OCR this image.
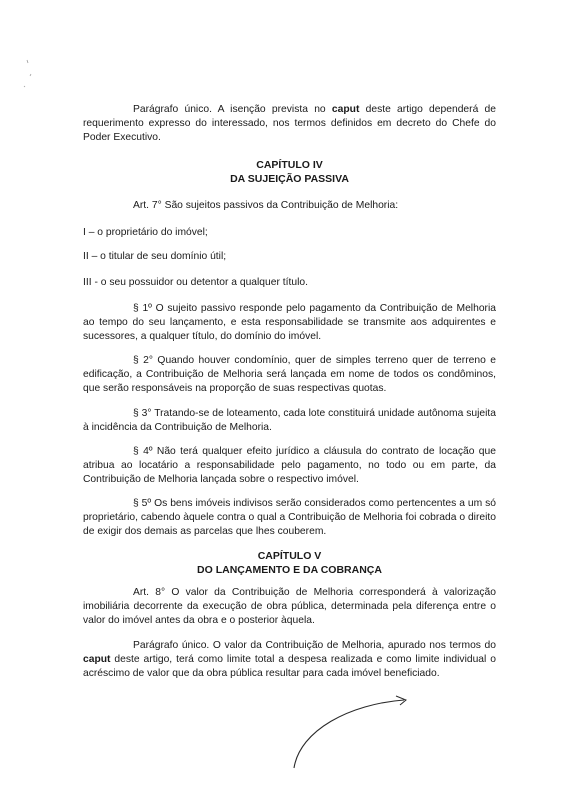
Parágrafo único. A isenção prevista no caput deste artigo dependerá de requerimento expresso do interessado, nos termos definidos em decreto do Chefe do Poder Executivo.

CAPÍTULO IV

DA SUJEIÇÃO PASSIVA

Art. 7° São sujeitos passivos da Contribuição de Melhoria:

I – o proprietário do imóvel;

II – o titular de seu domínio útil;

III - o seu possuidor ou detentor a qualquer título.

§ 1º O sujeito passivo responde pelo pagamento da Contribuição de Melhoria ao tempo do seu lançamento, e esta responsabilidade se transmite aos adquirentes e sucessores, a qualquer título, do domínio do imóvel.

§ 2° Quando houver condomínio, quer de simples terreno quer de terreno e edificação, a Contribuição de Melhoria será lançada em nome de todos os condôminos, que serão responsáveis na proporção de suas respectivas quotas.

§ 3° Tratando-se de loteamento, cada lote constituirá unidade autônoma sujeita à incidência da Contribuição de Melhoria.

§ 4º Não terá qualquer efeito jurídico a cláusula do contrato de locação que atribua ao locatário a responsabilidade pelo pagamento, no todo ou em parte, da Contribuição de Melhoria lançada sobre o respectivo imóvel.

§ 5º Os bens imóveis indivisos serão considerados como pertencentes a um só proprietário, cabendo àquele contra o qual a Contribuição de Melhoria foi cobrada o direito de exigir dos demais as parcelas que lhes couberem.

CAPÍTULO V

DO LANÇAMENTO E DA COBRANÇA

Art. 8° O valor da Contribuição de Melhoria corresponderá à valorização imobiliária decorrente da execução de obra pública, determinada pela diferença entre o valor do imóvel antes da obra e o posterior àquela.

Parágrafo único. O valor da Contribuição de Melhoria, apurado nos termos do caput deste artigo, terá como limite total a despesa realizada e como limite individual o acréscimo de valor que da obra pública resultar para cada imóvel beneficiado.
